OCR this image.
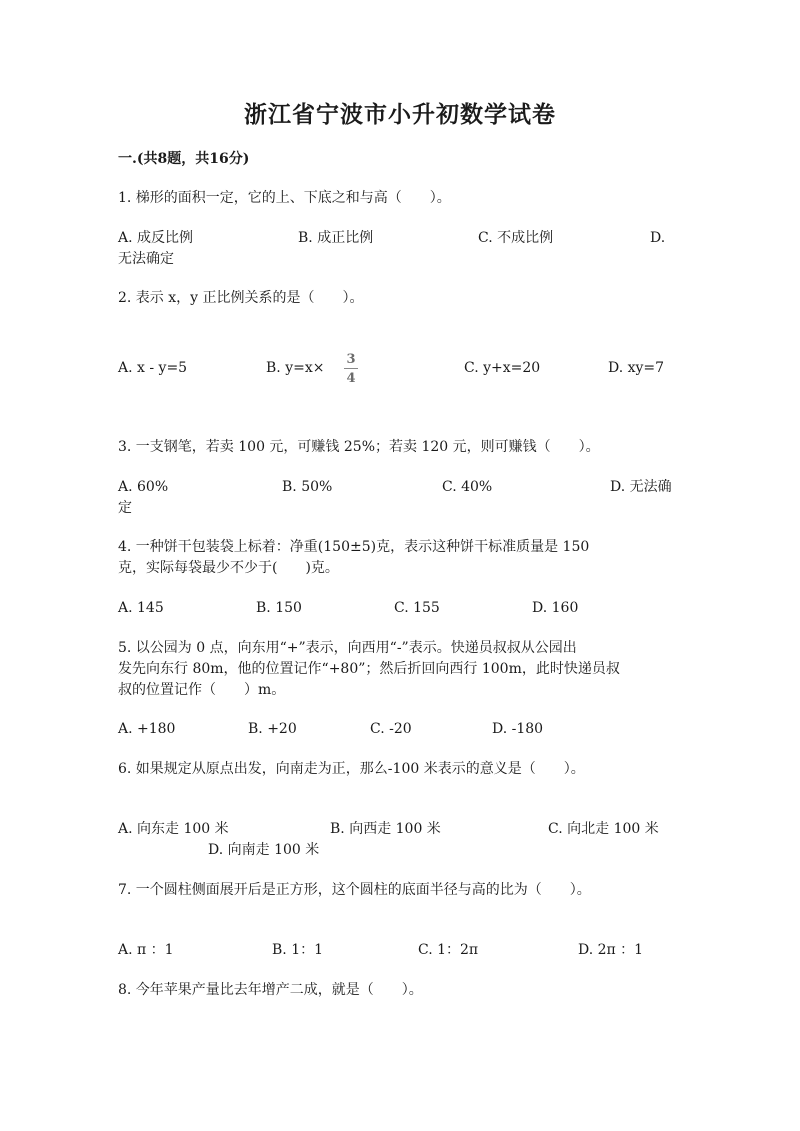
浙江省宁波市小升初数学试卷
一.(共8题，共16分)
1. 梯形的面积一定，它的上、下底之和与高（　　）。
A. 成反比例	B. 成正比例	C. 不成比例	D.
无法确定
2. 表示 x，y 正比例关系的是（　　）。
A. x - y=5	B. y=x×
3
4
C. y+x=20	D. xy=7
3. 一支钢笔，若卖 100 元，可赚钱 25%；若卖 120 元，则可赚钱（　　）。
A. 60%	B. 50%	C. 40%	D. 无法确
定
4. 一种饼干包装袋上标着：净重(150±5)克，表示这种饼干标准质量是 150
克，实际每袋最少不少于(　　)克。
A. 145	B. 150	C. 155	D. 160
5. 以公园为 0 点，向东用“+”表示，向西用“-”表示。快递员叔叔从公园出
发先向东行 80m，他的位置记作“+80”；然后折回向西行 100m，此时快递员叔
叔的位置记作（　　）m。
A. +180	B. +20	C. -20	D. -180
6. 如果规定从原点出发，向南走为正，那么-100 米表示的意义是（　　）。
A. 向东走 100 米	B. 向西走 100 米	C. 向北走 100 米
D. 向南走 100 米
7. 一个圆柱侧面展开后是正方形，这个圆柱的底面半径与高的比为（　　）。
A. π ：1	B. 1：1	C. 1：2π	D. 2π ：1
8. 今年苹果产量比去年增产二成，就是（　　）。
